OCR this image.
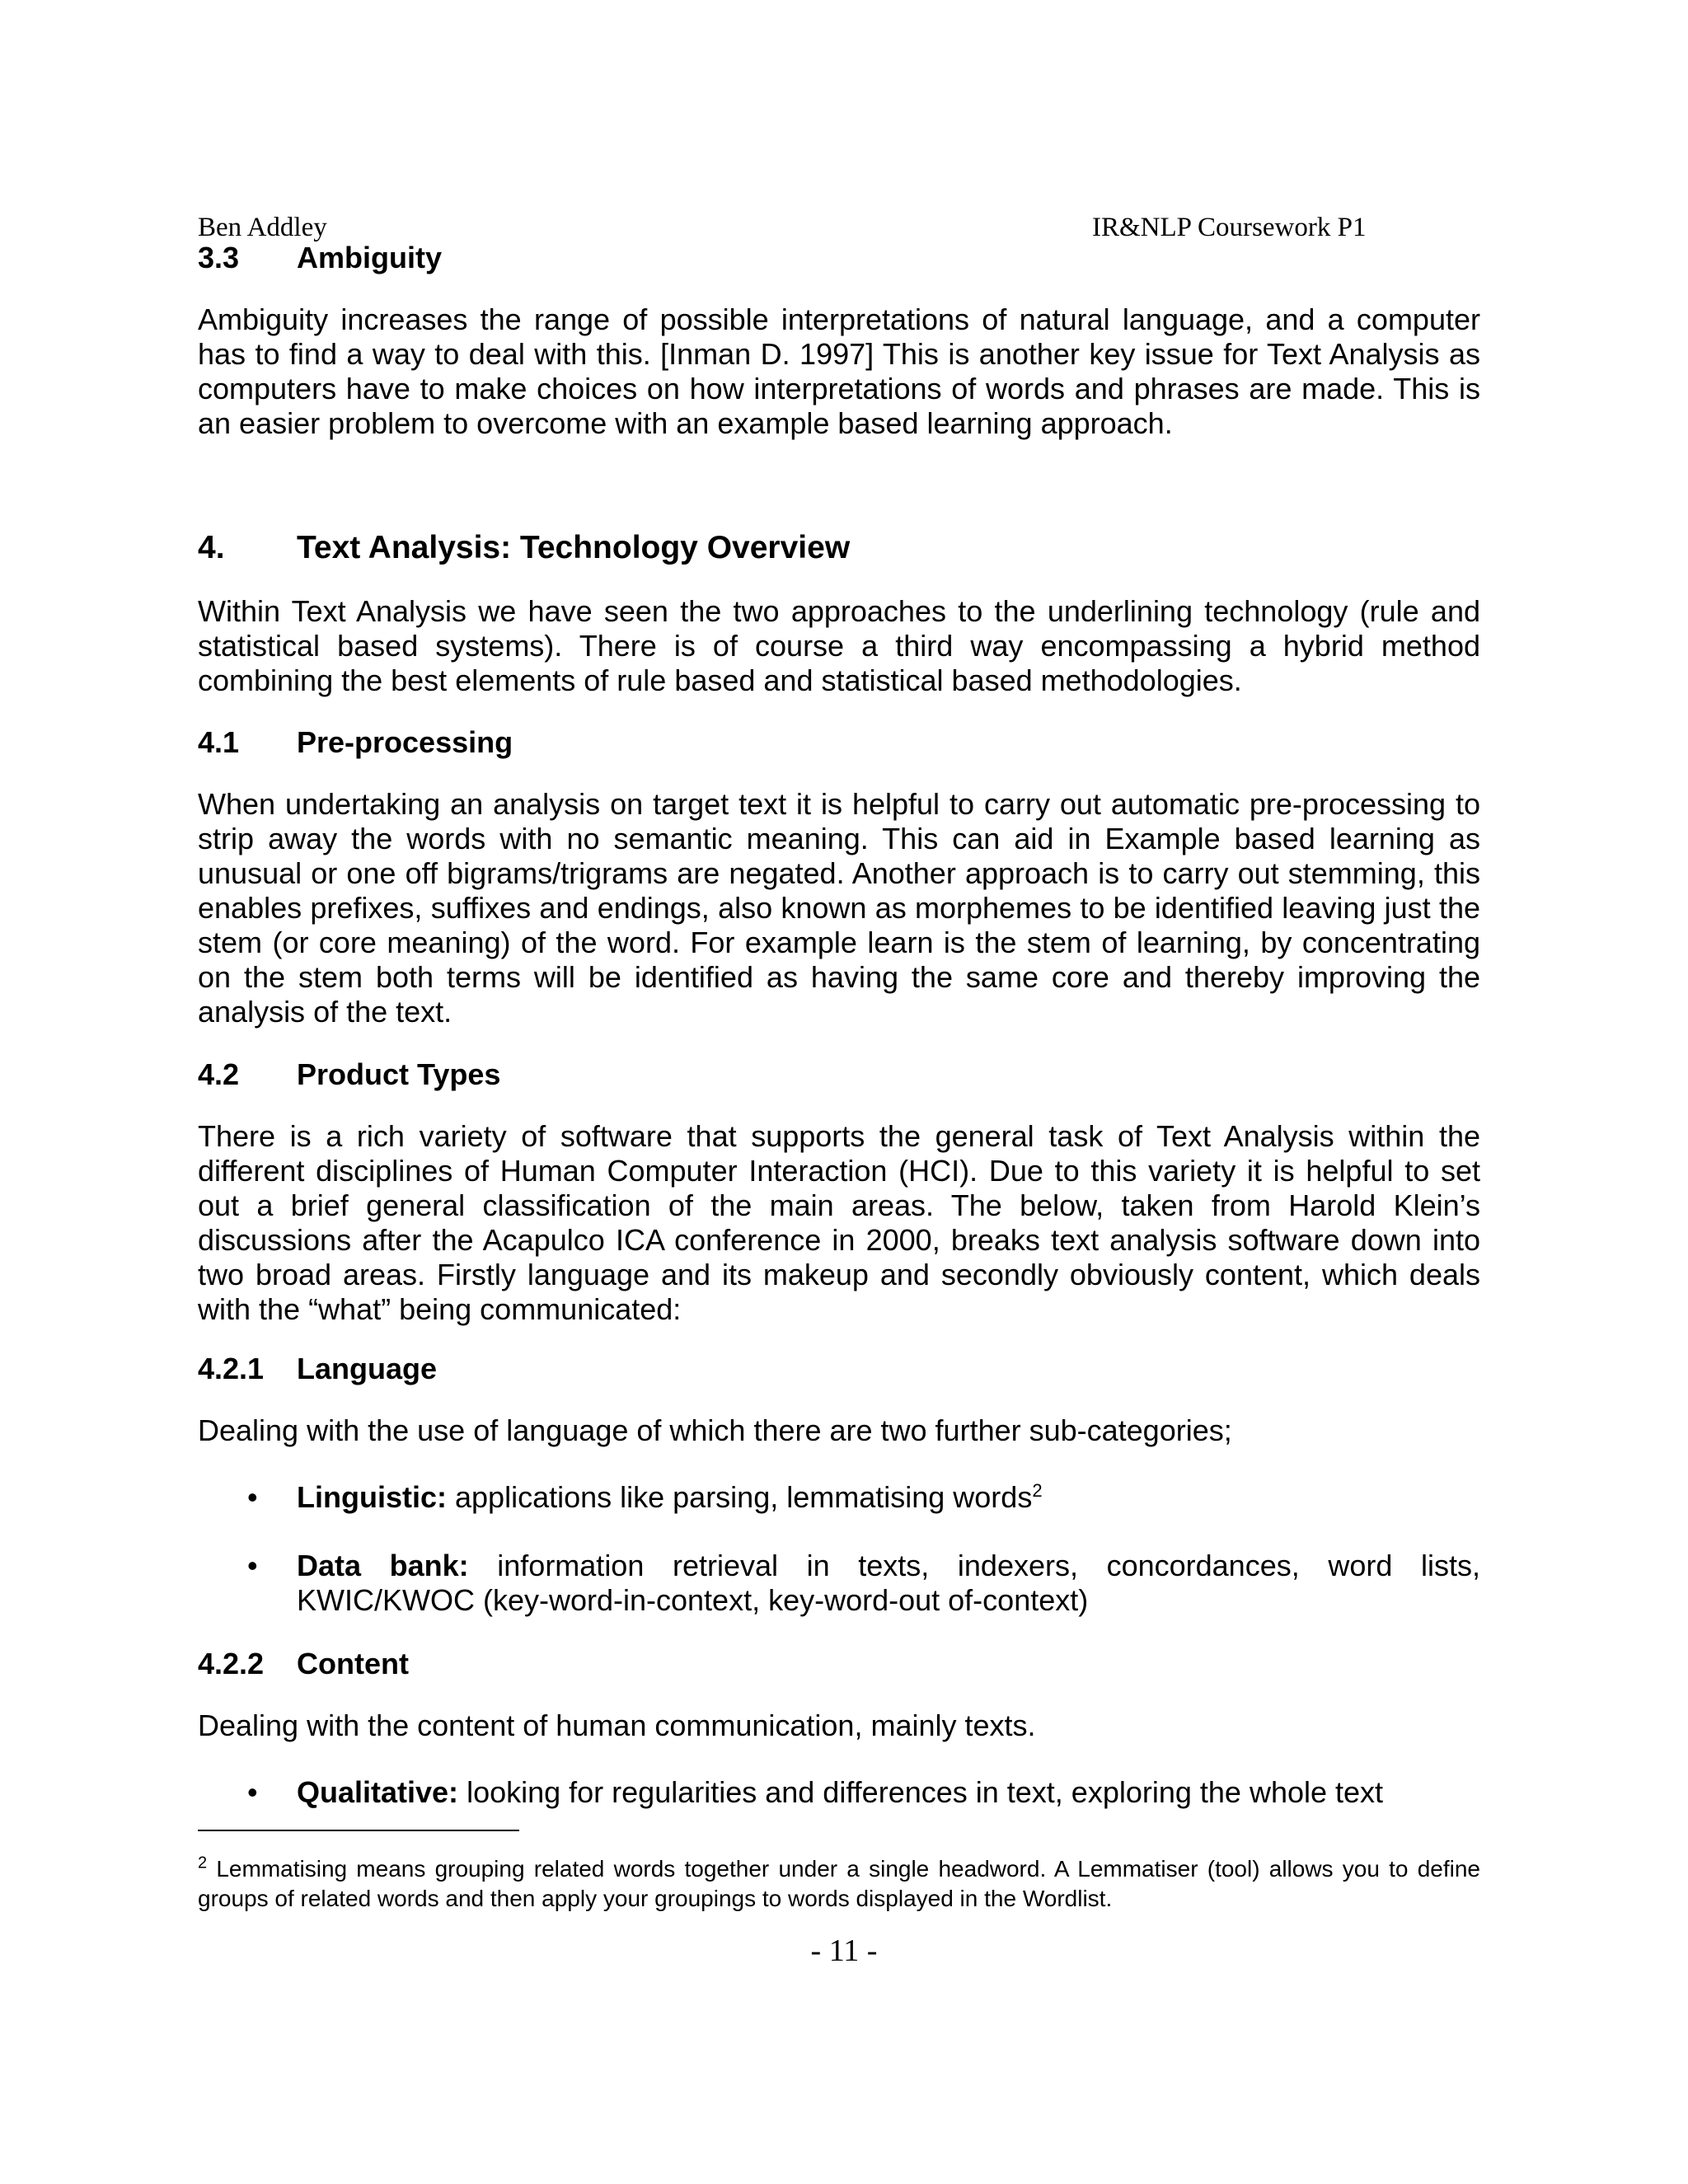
Ben Addley	IR&NLP Coursework P1
3.3 Ambiguity
Ambiguity increases the range of possible interpretations of natural language, and a computer has to find a way to deal with this. [Inman D. 1997] This is another key issue for Text Analysis as computers have to make choices on how interpretations of words and phrases are made. This is an easier problem to overcome with an example based learning approach.
4. Text Analysis: Technology Overview
Within Text Analysis we have seen the two approaches to the underlining technology (rule and statistical based systems). There is of course a third way encompassing a hybrid method combining the best elements of rule based and statistical based methodologies.
4.1 Pre-processing
When undertaking an analysis on target text it is helpful to carry out automatic pre-processing to strip away the words with no semantic meaning. This can aid in Example based learning as unusual or one off bigrams/trigrams are negated. Another approach is to carry out stemming, this enables prefixes, suffixes and endings, also known as morphemes to be identified leaving just the stem (or core meaning) of the word. For example learn is the stem of learning, by concentrating on the stem both terms will be identified as having the same core and thereby improving the analysis of the text.
4.2 Product Types
There is a rich variety of software that supports the general task of Text Analysis within the different disciplines of Human Computer Interaction (HCI). Due to this variety it is helpful to set out a brief general classification of the main areas. The below, taken from Harold Klein’s discussions after the Acapulco ICA conference in 2000, breaks text analysis software down into two broad areas. Firstly language and its makeup and secondly obviously content, which deals with the “what” being communicated:
4.2.1 Language
Dealing with the use of language of which there are two further sub-categories;
• Linguistic: applications like parsing, lemmatising words$^2$
• Data bank: information retrieval in texts, indexers, concordances, word lists, KWIC/KWOC (key-word-in-context, key-word-out of-context)
4.2.2 Content
Dealing with the content of human communication, mainly texts.
• Qualitative: looking for regularities and differences in text, exploring the whole text
$^2$ Lemmatising means grouping related words together under a single headword. A Lemmatiser (tool) allows you to define groups of related words and then apply your groupings to words displayed in the Wordlist.
- 11 -
